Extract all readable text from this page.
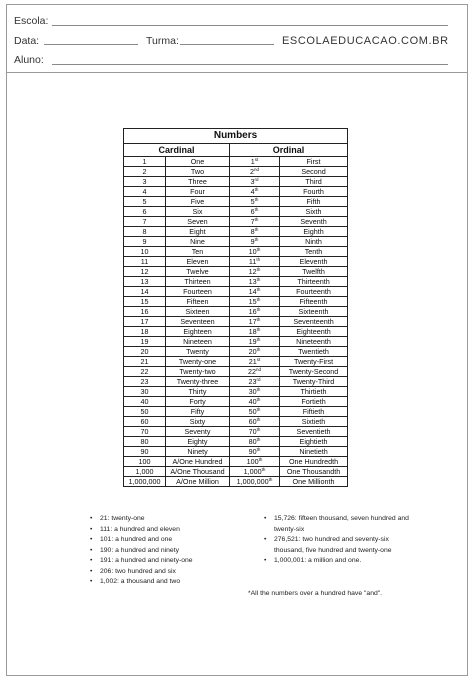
Escola:
Data:	Turma:	ESCOLAEDUCACAO.COM.BR
Aluno:
Numbers			
Cardinal		Ordinal	
1	One	1st	First
2	Two	2nd	Second
3	Three	3rd	Third
4	Four	4th	Fourth
5	Five	5th	Fifth
6	Six	6th	Sixth
7	Seven	7th	Seventh
8	Eight	8th	Eighth
9	Nine	9th	Ninth
10	Ten	10th	Tenth
11	Eleven	11th	Eleventh
12	Twelve	12th	Twelfth
13	Thirteen	13th	Thirteenth
14	Fourteen	14th	Fourteenth
15	Fifteen	15th	Fifteenth
16	Sixteen	16th	Sixteenth
17	Seventeen	17th	Seventeenth
18	Eighteen	18th	Eighteenth
19	Nineteen	19th	Nineteenth
20	Twenty	20th	Twentieth
21	Twenty-one	21st	Twenty-First
22	Twenty-two	22nd	Twenty-Second
23	Twenty-three	23rd	Twenty-Third
30	Thirty	30th	Thirtieth
40	Forty	40th	Fortieth
50	Fifty	50th	Fiftieth
60	Sixty	60th	Sixtieth
70	Seventy	70th	Seventieth
80	Eighty	80th	Eightieth
90	Ninety	90th	Ninetieth
100	A/One Hundred	100th	One Hundredth
1,000	A/One Thousand	1,000th	One Thousandth
1,000,000	A/One Million	1,000,000th	One Millionth
• 21: twenty-one
• 111: a hundred and eleven
• 101: a hundred and one
• 190: a hundred and ninety
• 191: a hundred and ninety-one
• 206: two hundred and six
• 1,002: a thousand and two
• 15,726: fifteen thousand, seven hundred and twenty-six
• 276,521: two hundred and seventy-six thousand, five hundred and twenty-one
• 1,000,001: a million and one.
*All the numbers over a hundred have "and".
